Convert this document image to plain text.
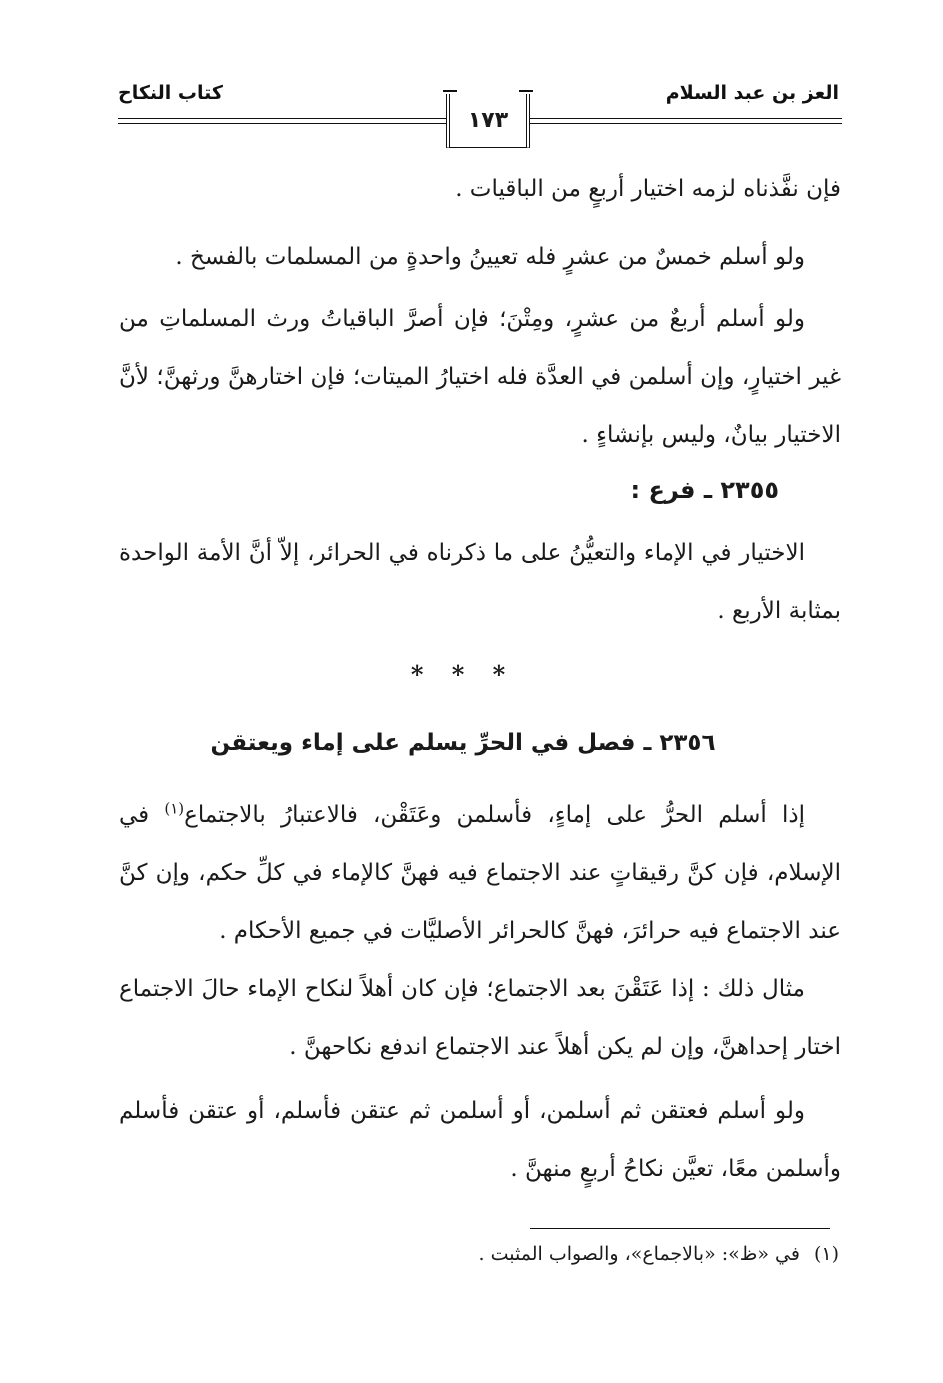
العز بن عبد السلام
كتاب النكاح
١٧٣
فإن نفَّذناه لزمه اختيار أربعٍ من الباقيات .
ولو أسلم خمسٌ من عشرٍ فله تعيينُ واحدةٍ من المسلمات بالفسخ .
ولو أسلم أربعٌ من عشرٍ، ومِتْنَ؛ فإن أصرَّ الباقياتُ ورث المسلماتِ من غير اختيارٍ، وإن أسلمن في العدَّة فله اختيارُ الميتات؛ فإن اختارهنَّ ورثهنَّ؛ لأنَّ الاختيار بيانٌ، وليس بإنشاءٍ .
٢٣٥٥ ـ فرع :
الاختيار في الإماء والتعيُّنُ على ما ذكرناه في الحرائر، إلاّ أنَّ الأمة الواحدة بمثابة الأربع .
* * *
٢٣٥٦ ـ فصل في الحرِّ يسلم على إماء ويعتقن
إذا أسلم الحرُّ على إماءٍ، فأسلمن وعَتَقْن، فالاعتبارُ بالاجتماع$^{(١)}$ في الإسلام، فإن كنَّ رقيقاتٍ عند الاجتماع فيه فهنَّ كالإماء في كلِّ حكم، وإن كنَّ عند الاجتماع فيه حرائرَ، فهنَّ كالحرائر الأصليَّات في جميع الأحكام .
مثال ذلك : إذا عَتَقْنَ بعد الاجتماع؛ فإن كان أهلاً لنكاح الإماء حالَ الاجتماع اختار إحداهنَّ، وإن لم يكن أهلاً عند الاجتماع اندفع نكاحهنَّ .
ولو أسلم فعتقن ثم أسلمن، أو أسلمن ثم عتقن فأسلم، أو عتقن فأسلم وأسلمن معًا، تعيَّن نكاحُ أربعٍ منهنَّ .
(١)في «ظ»: «بالاجماع»، والصواب المثبت .
